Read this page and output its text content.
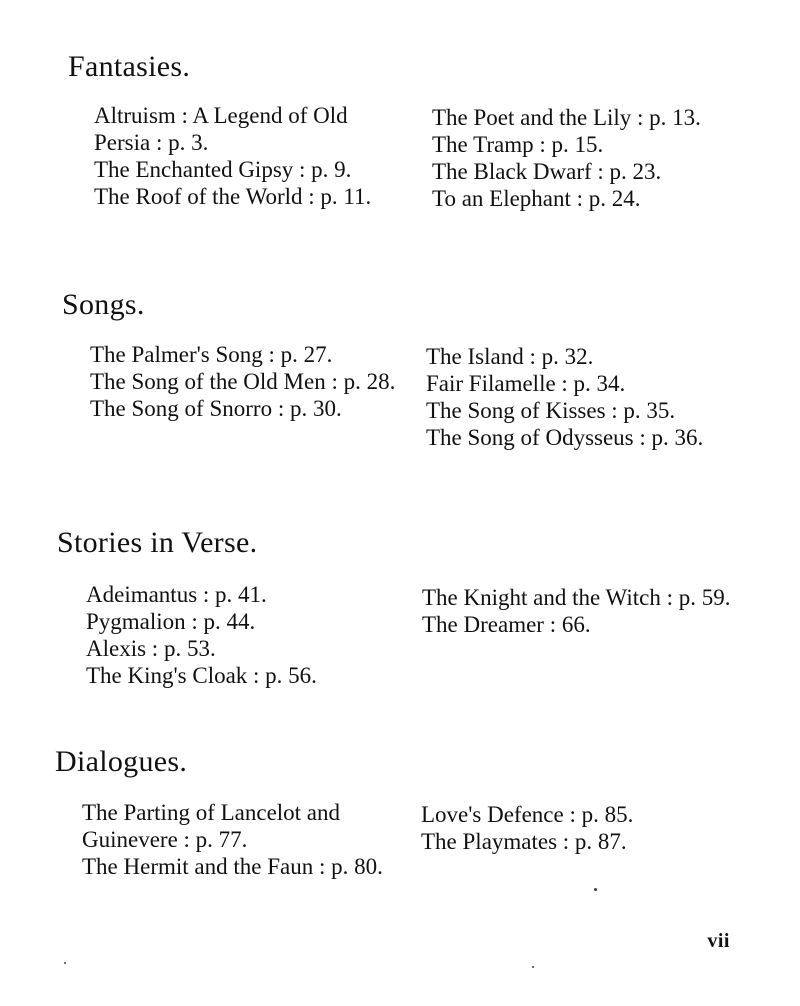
Fantasies.

Altruism : A Legend of Old Persia : p. 3.

The Enchanted Gipsy : p. 9.

The Roof of the World : p. 11.

The Poet and the Lily : p. 13.

The Tramp : p. 15.

The Black Dwarf : p. 23.

To an Elephant : p. 24.

Songs.

The Palmer's Song : p. 27.

The Song of the Old Men : p. 28.

The Song of Snorro : p. 30.

The Island : p. 32.

Fair Filamelle : p. 34.

The Song of Kisses : p. 35.

The Song of Odysseus : p. 36.

Stories in Verse.

Adeimantus : p. 41.

Pygmalion : p. 44.

Alexis : p. 53.

The King's Cloak : p. 56.

The Knight and the Witch : p. 59.

The Dreamer : 66.

Dialogues.

The Parting of Lancelot and Guinevere : p. 77.

The Hermit and the Faun : p. 80.

Love's Defence : p. 85.

The Playmates : p. 87.

vii
